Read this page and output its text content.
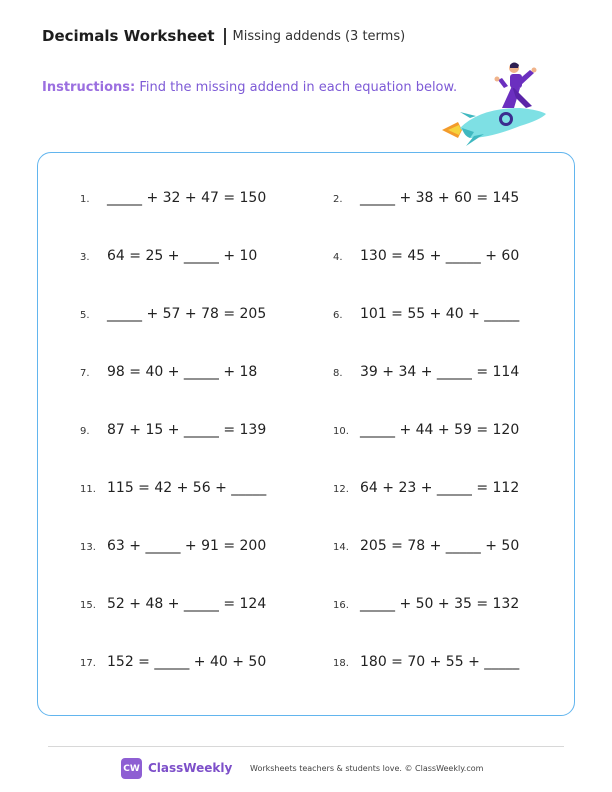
Decimals Worksheet Missing addends (3 terms)
Instructions: Find the missing addend in each equation below.
1.	_____ + 32 + 47 = 150	2.	_____ + 38 + 60 = 145
3.	64 = 25 + _____ + 10	4.	130 = 45 + _____ + 60
5.	_____ + 57 + 78 = 205	6.	101 = 55 + 40 + _____
7.	98 = 40 + _____ + 18	8.	39 + 34 + _____ = 114
9.	87 + 15 + _____ = 139	10. _____ + 44 + 59 = 120
11. 115 = 42 + 56 + _____	12. 64 + 23 + _____ = 112
13. 63 + _____ + 91 = 200	14. 205 = 78 + _____ + 50
15. 52 + 48 + _____ = 124	16. _____ + 50 + 35 = 132
17. 152 = _____ + 40 + 50	18. 180 = 70 + 55 + _____
CW ClassWeekly Worksheets teachers & students love. © ClassWeekly.com
